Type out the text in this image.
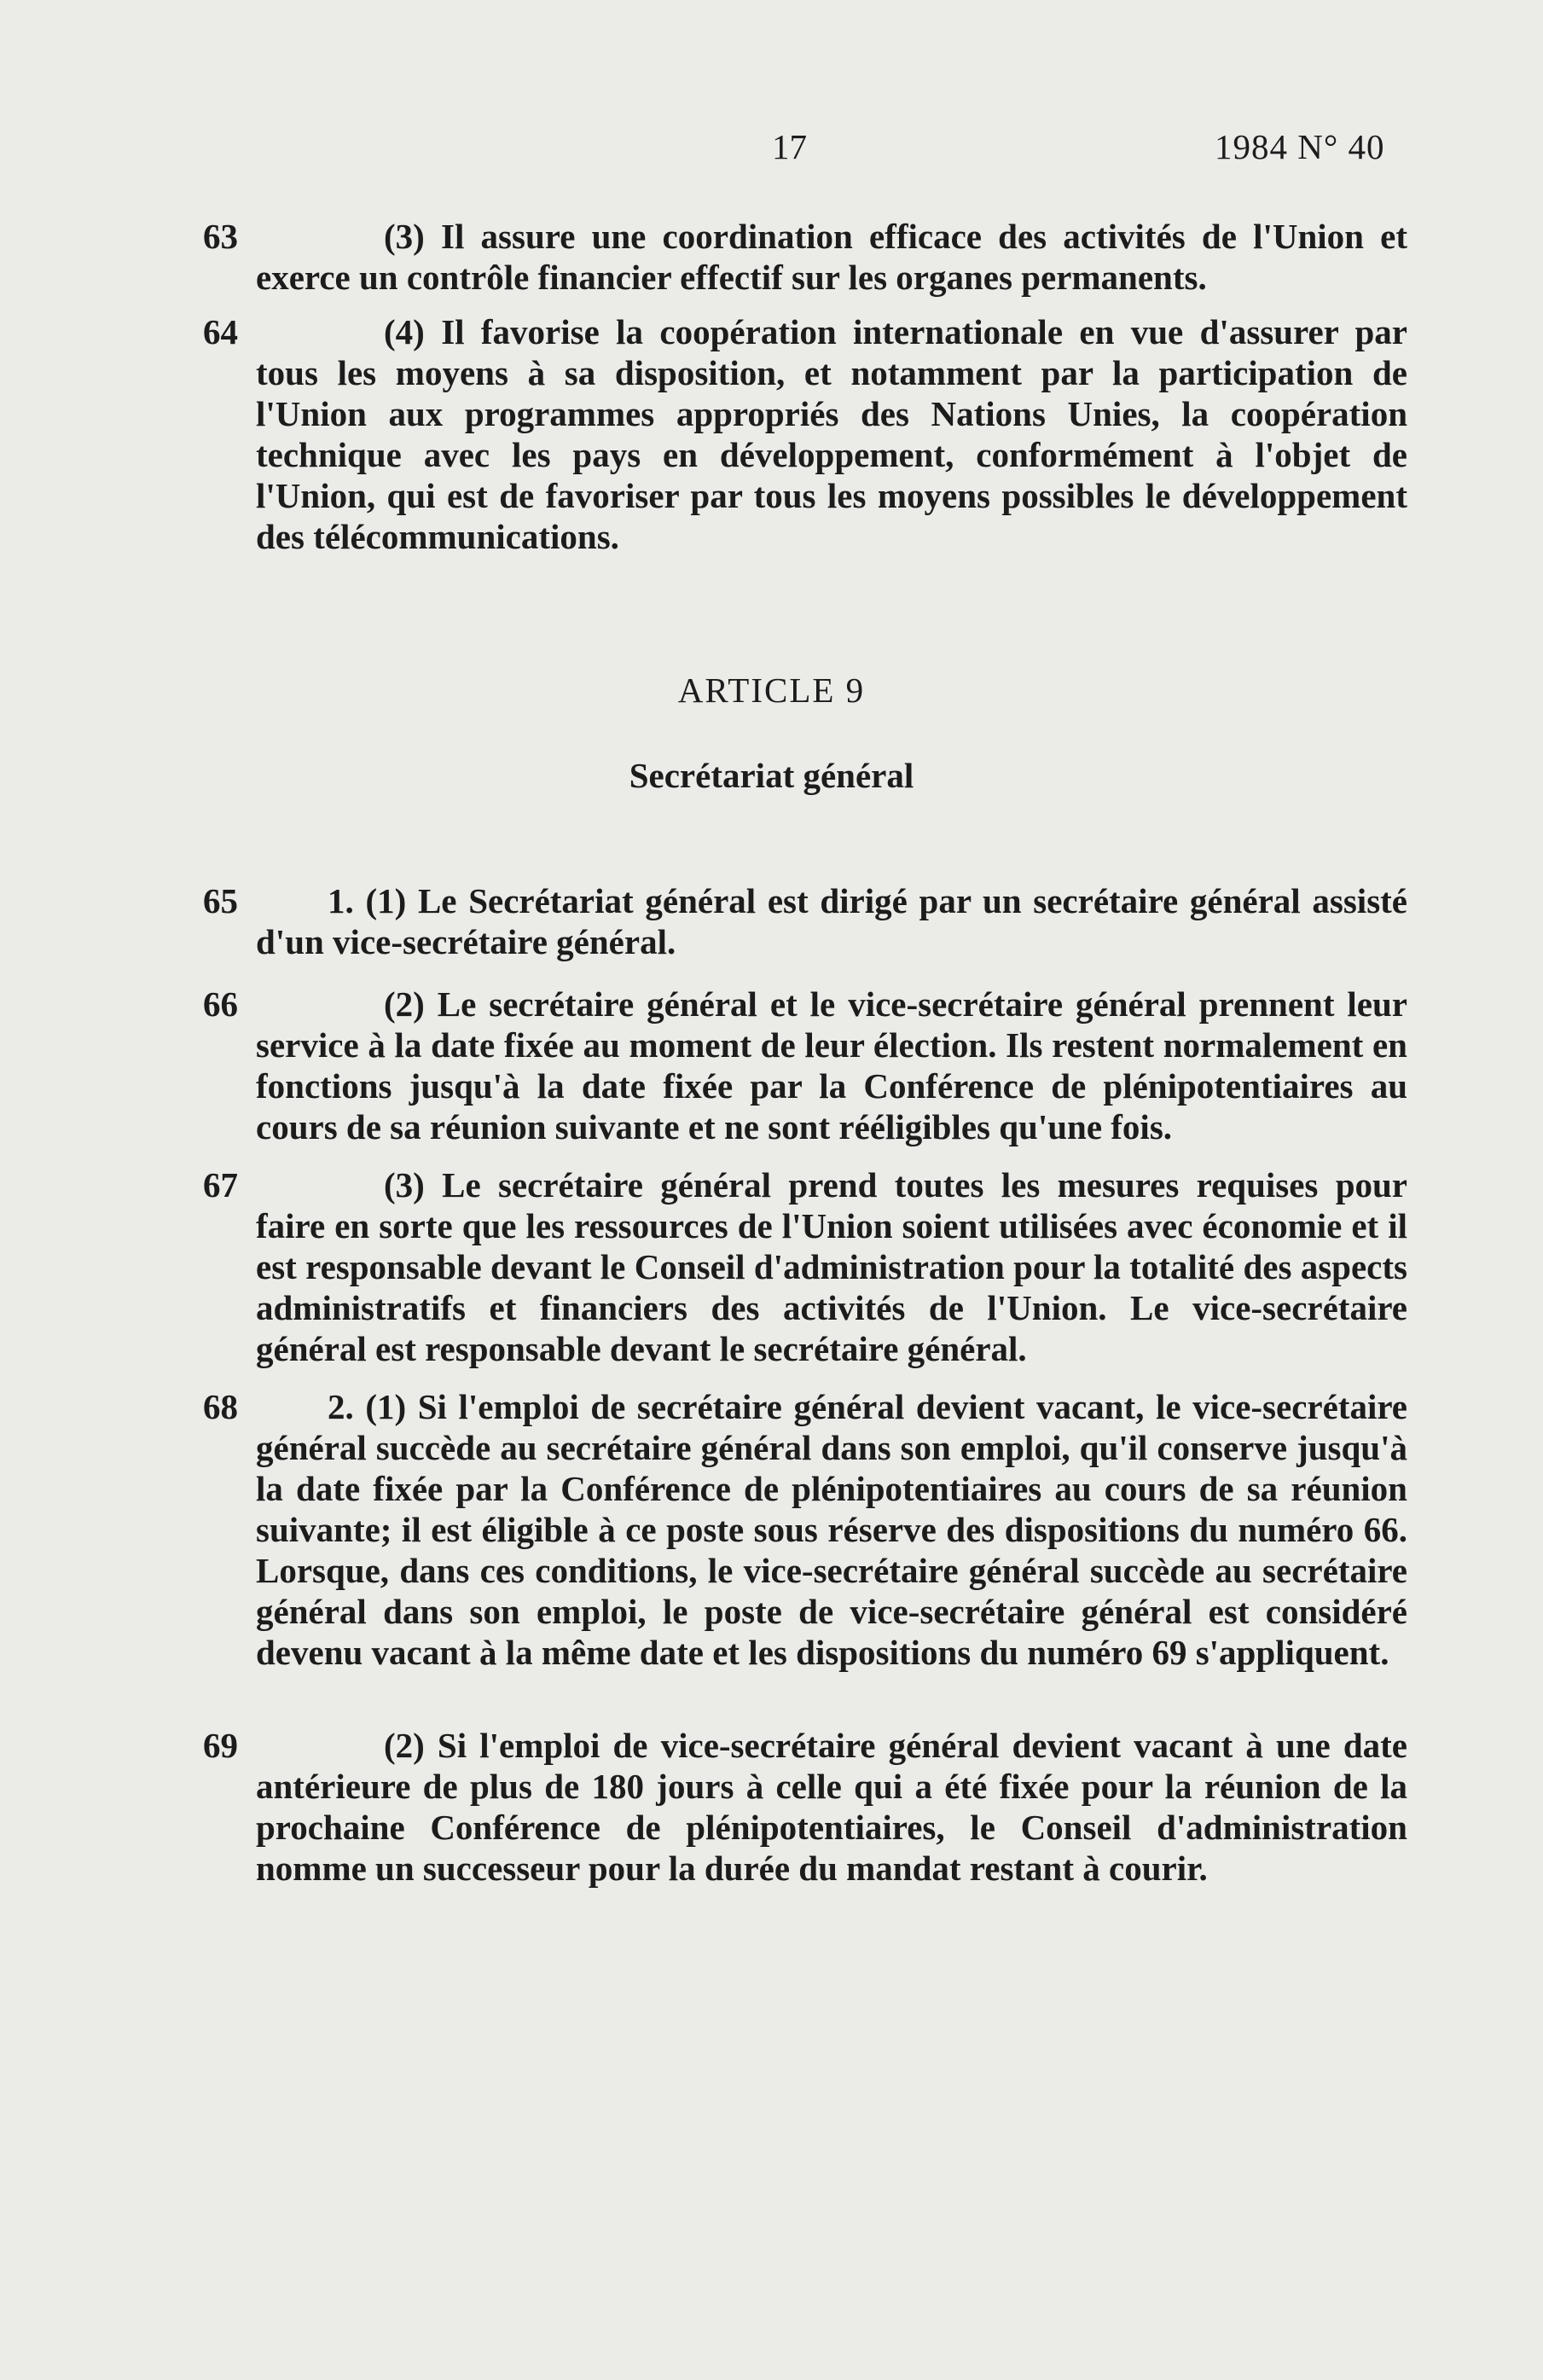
17	1984 N° 40
63	(3) Il assure une coordination efficace des activités de l'Union et exerce un contrôle financier effectif sur les organes permanents.
64	(4) Il favorise la coopération internationale en vue d'assurer par tous les moyens à sa disposition, et notamment par la participation de l'Union aux programmes appropriés des Nations Unies, la coopération technique avec les pays en développement, conformément à l'objet de l'Union, qui est de favoriser par tous les moyens possibles le développement des télécommunications.
ARTICLE 9
Secrétariat général
65	1. (1) Le Secrétariat général est dirigé par un secrétaire général assisté d'un vice-secrétaire général.
66	(2) Le secrétaire général et le vice-secrétaire général prennent leur service à la date fixée au moment de leur élection. Ils restent normalement en fonctions jusqu'à la date fixée par la Conférence de plénipotentiaires au cours de sa réunion suivante et ne sont rééligibles qu'une fois.
67	(3) Le secrétaire général prend toutes les mesures requises pour faire en sorte que les ressources de l'Union soient utilisées avec économie et il est responsable devant le Conseil d'administration pour la totalité des aspects administratifs et financiers des activités de l'Union. Le vice-secrétaire général est responsable devant le secrétaire général.
68	2. (1) Si l'emploi de secrétaire général devient vacant, le vice-secrétaire général succède au secrétaire général dans son emploi, qu'il conserve jusqu'à la date fixée par la Conférence de plénipotentiaires au cours de sa réunion suivante; il est éligible à ce poste sous réserve des dispositions du numéro 66. Lorsque, dans ces conditions, le vice-secrétaire général succède au secrétaire général dans son emploi, le poste de vice-secrétaire général est considéré devenu vacant à la même date et les dispositions du numéro 69 s'appliquent.
69	(2) Si l'emploi de vice-secrétaire général devient vacant à une date antérieure de plus de 180 jours à celle qui a été fixée pour la réunion de la prochaine Conférence de plénipotentiaires, le Conseil d'administration nomme un successeur pour la durée du mandat restant à courir.
